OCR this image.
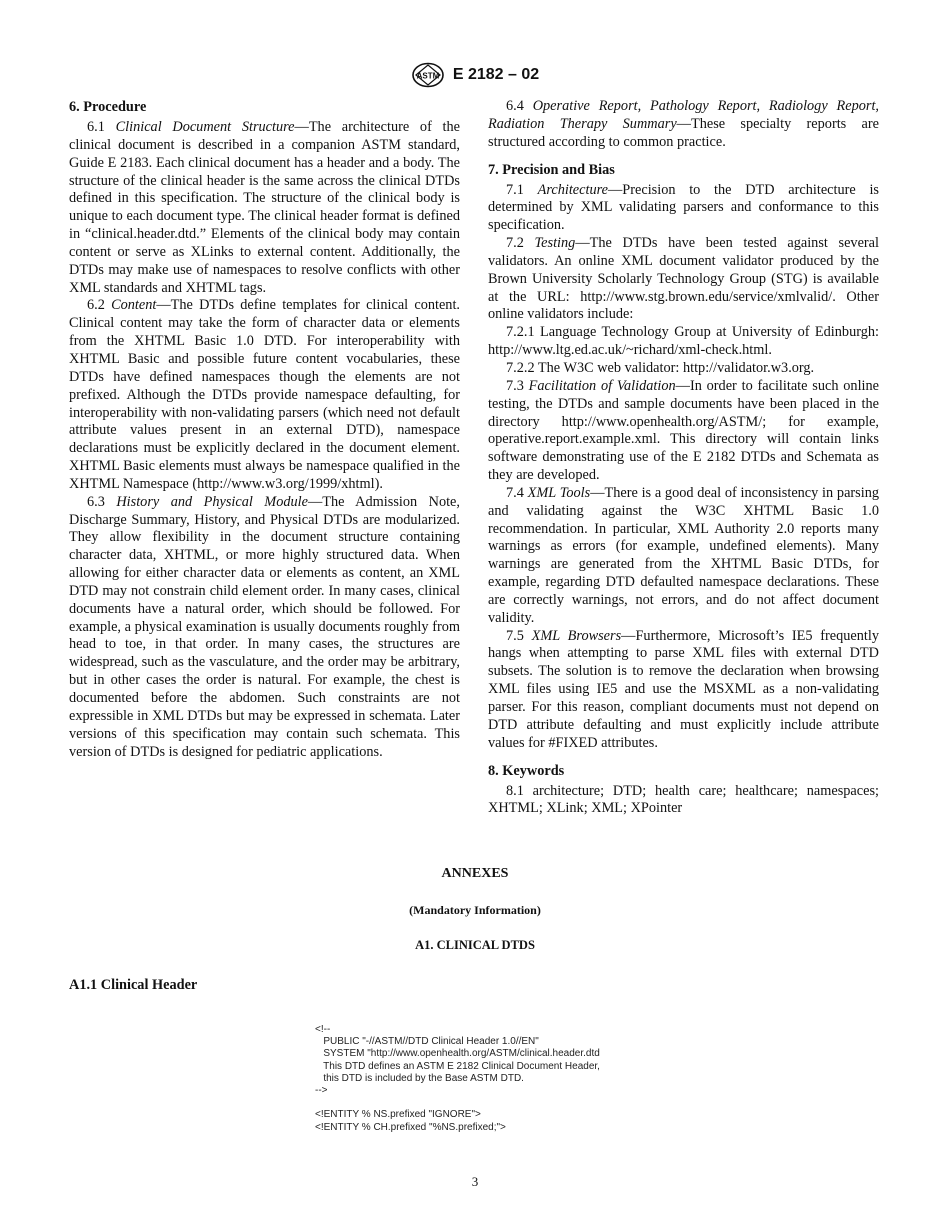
ASTM E 2182 – 02
6. Procedure

6.1 Clinical Document Structure—The architecture of the clinical document is described in a companion ASTM standard, Guide E 2183. Each clinical document has a header and a body. The structure of the clinical header is the same across the clinical DTDs defined in this specification. The structure of the clinical body is unique to each document type. The clinical header format is defined in “clinical.header.dtd.” Elements of the clinical body may contain content or serve as XLinks to external content. Additionally, the DTDs may make use of namespaces to resolve conflicts with other XML standards and XHTML tags.

6.2 Content—The DTDs define templates for clinical content. Clinical content may take the form of character data or elements from the XHTML Basic 1.0 DTD. For interoperability with XHTML Basic and possible future content vocabularies, these DTDs have defined namespaces though the elements are not prefixed. Although the DTDs provide namespace defaulting, for interoperability with non-validating parsers (which need not default attribute values present in an external DTD), namespace declarations must be explicitly declared in the document element. XHTML Basic elements must always be namespace qualified in the XHTML Namespace (http://www.w3.org/1999/xhtml).

6.3 History and Physical Module—The Admission Note, Discharge Summary, History, and Physical DTDs are modularized. They allow flexibility in the document structure containing character data, XHTML, or more highly structured data. When allowing for either character data or elements as content, an XML DTD may not constrain child element order. In many cases, clinical documents have a natural order, which should be followed. For example, a physical examination is usually documents roughly from head to toe, in that order. In many cases, the structures are widespread, such as the vasculature, and the order may be arbitrary, but in other cases the order is natural. For example, the chest is documented before the abdomen. Such constraints are not expressible in XML DTDs but may be expressed in schemata. Later versions of this specification may contain such schemata. This version of DTDs is designed for pediatric applications.

6.4 Operative Report, Pathology Report, Radiology Report, Radiation Therapy Summary—These specialty reports are structured according to common practice.

7. Precision and Bias

7.1 Architecture—Precision to the DTD architecture is determined by XML validating parsers and conformance to this specification.

7.2 Testing—The DTDs have been tested against several validators. An online XML document validator produced by the Brown University Scholarly Technology Group (STG) is available at the URL: http://www.stg.brown.edu/service/xmlvalid/. Other online validators include:

7.2.1 Language Technology Group at University of Edinburgh: http://www.ltg.ed.ac.uk/~richard/xml-check.html.

7.2.2 The W3C web validator: http://validator.w3.org.

7.3 Facilitation of Validation—In order to facilitate such online testing, the DTDs and sample documents have been placed in the directory http://www.openhealth.org/ASTM/; for example, operative.report.example.xml. This directory will contain links software demonstrating use of the E 2182 DTDs and Schemata as they are developed.

7.4 XML Tools—There is a good deal of inconsistency in parsing and validating against the W3C XHTML Basic 1.0 recommendation. In particular, XML Authority 2.0 reports many warnings as errors (for example, undefined elements). Many warnings are generated from the XHTML Basic DTDs, for example, regarding DTD defaulted namespace declarations. These are correctly warnings, not errors, and do not affect document validity.

7.5 XML Browsers—Furthermore, Microsoft’s IE5 frequently hangs when attempting to parse XML files with external DTD subsets. The solution is to remove the declaration when browsing XML files using IE5 and use the MSXML as a non-validating parser. For this reason, compliant documents must not depend on DTD attribute defaulting and must explicitly include attribute values for #FIXED attributes.

8. Keywords

8.1 architecture; DTD; health care; healthcare; namespaces; XHTML; XLink; XML; XPointer

ANNEXES
(Mandatory Information)
A1. CLINICAL DTDS
A1.1 Clinical Header
<!--
PUBLIC "-//ASTM//DTD Clinical Header 1.0//EN"
SYSTEM "http://www.openhealth.org/ASTM/clinical.header.dtd
This DTD defines an ASTM E 2182 Clinical Document Header,
this DTD is included by the Base ASTM DTD.
-->

<!ENTITY % NS.prefixed "IGNORE">
<!ENTITY % CH.prefixed "%NS.prefixed;">
3
